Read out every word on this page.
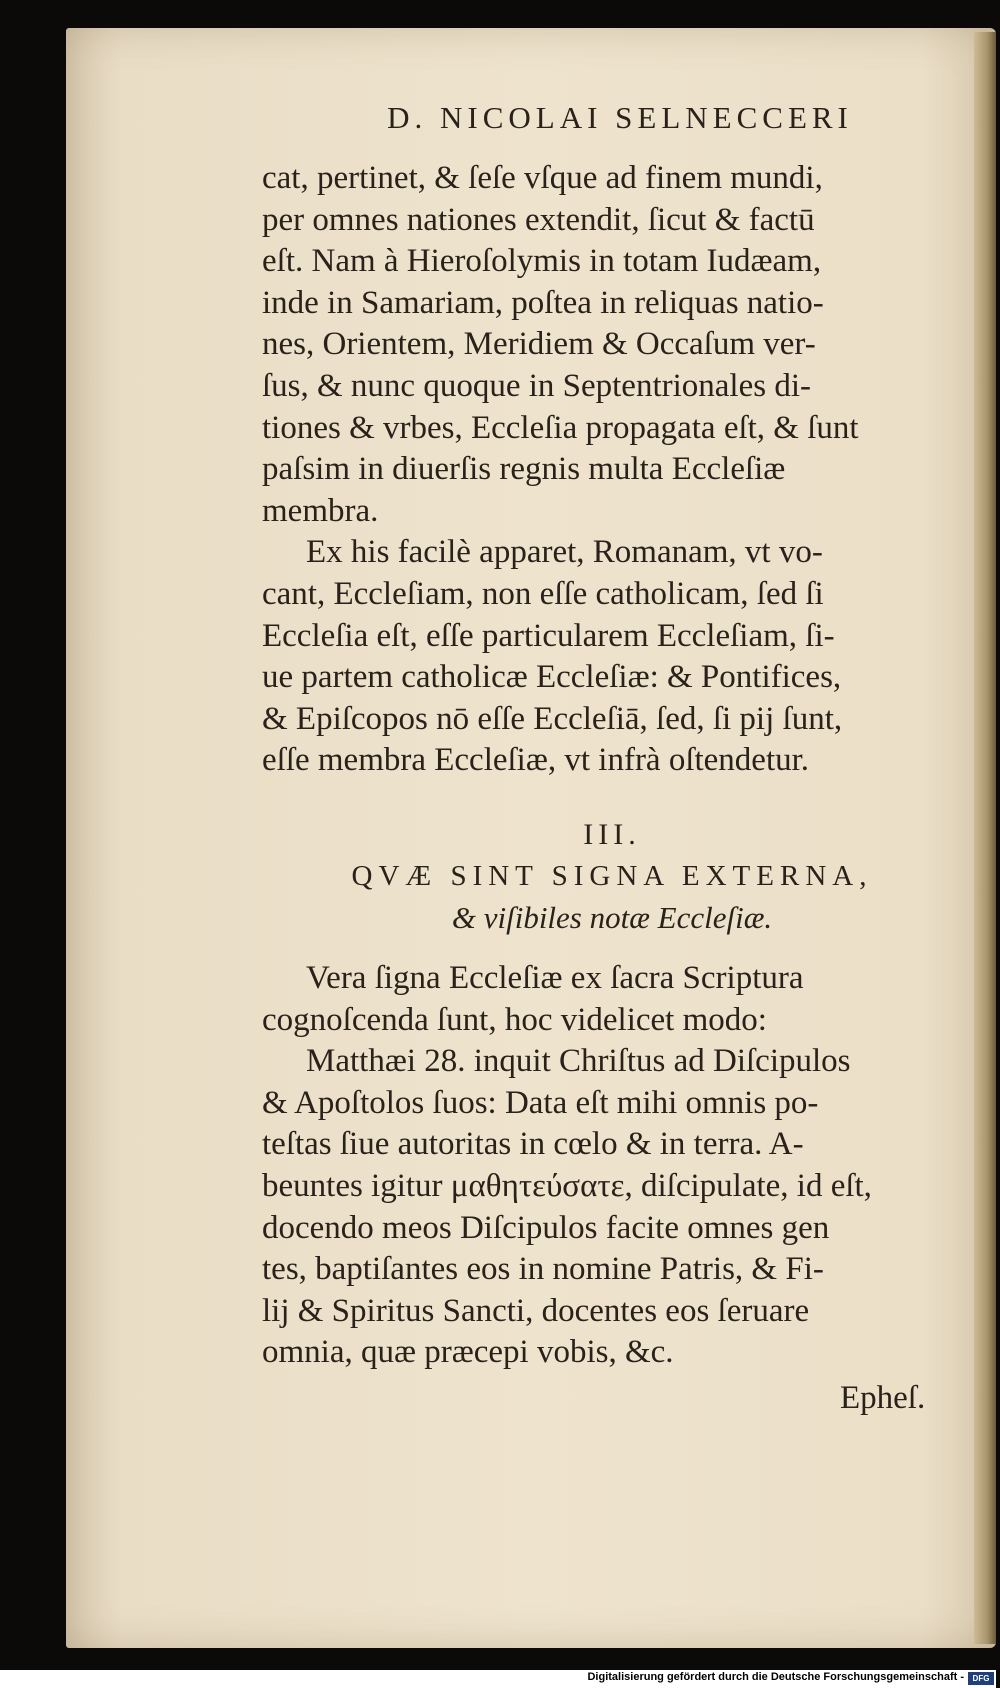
D. NICOLAI SELNECCERI
cat, pertinet, & ſeſe vſque ad finem mundi,
per omnes nationes extendit, ſicut & factū
eſt. Nam à Hieroſolymis in totam Iudæam,
inde in Samariam, poſtea in reliquas natio-
nes, Orientem, Meridiem & Occaſum ver-
ſus, & nunc quoque in Septentrionales di-
tiones & vrbes, Eccleſia propagata eſt, & ſunt
paſsim in diuerſis regnis multa Eccleſiæ
membra.
Ex his facilè apparet, Romanam, vt vo-
cant, Eccleſiam, non eſſe catholicam, ſed ſi
Eccleſia eſt, eſſe particularem Eccleſiam, ſi-
ue partem catholicæ Eccleſiæ: & Pontifices,
& Epiſcopos nō eſſe Eccleſiā, ſed, ſi pij ſunt,
eſſe membra Eccleſiæ, vt infrà oſtendetur.
III.
QVÆ SINT SIGNA EXTERNA,
& viſibiles notæ Eccleſiæ.
Vera ſigna Eccleſiæ ex ſacra Scriptura
cognoſcenda ſunt, hoc videlicet modo:
Matthæi 28. inquit Chriſtus ad Diſcipulos
& Apoſtolos ſuos: Data eſt mihi omnis po-
teſtas ſiue autoritas in cœlo & in terra. A-
beuntes igitur μαθητεύσατε, diſcipulate, id eſt,
docendo meos Diſcipulos facite omnes gen
tes, baptiſantes eos in nomine Patris, & Fi-
lij & Spiritus Sancti, docentes eos ſeruare
omnia, quæ præcepi vobis, &c.
Epheſ.
Digitalisierung gefördert durch die Deutsche Forschungsgemeinschaft -	DFG
